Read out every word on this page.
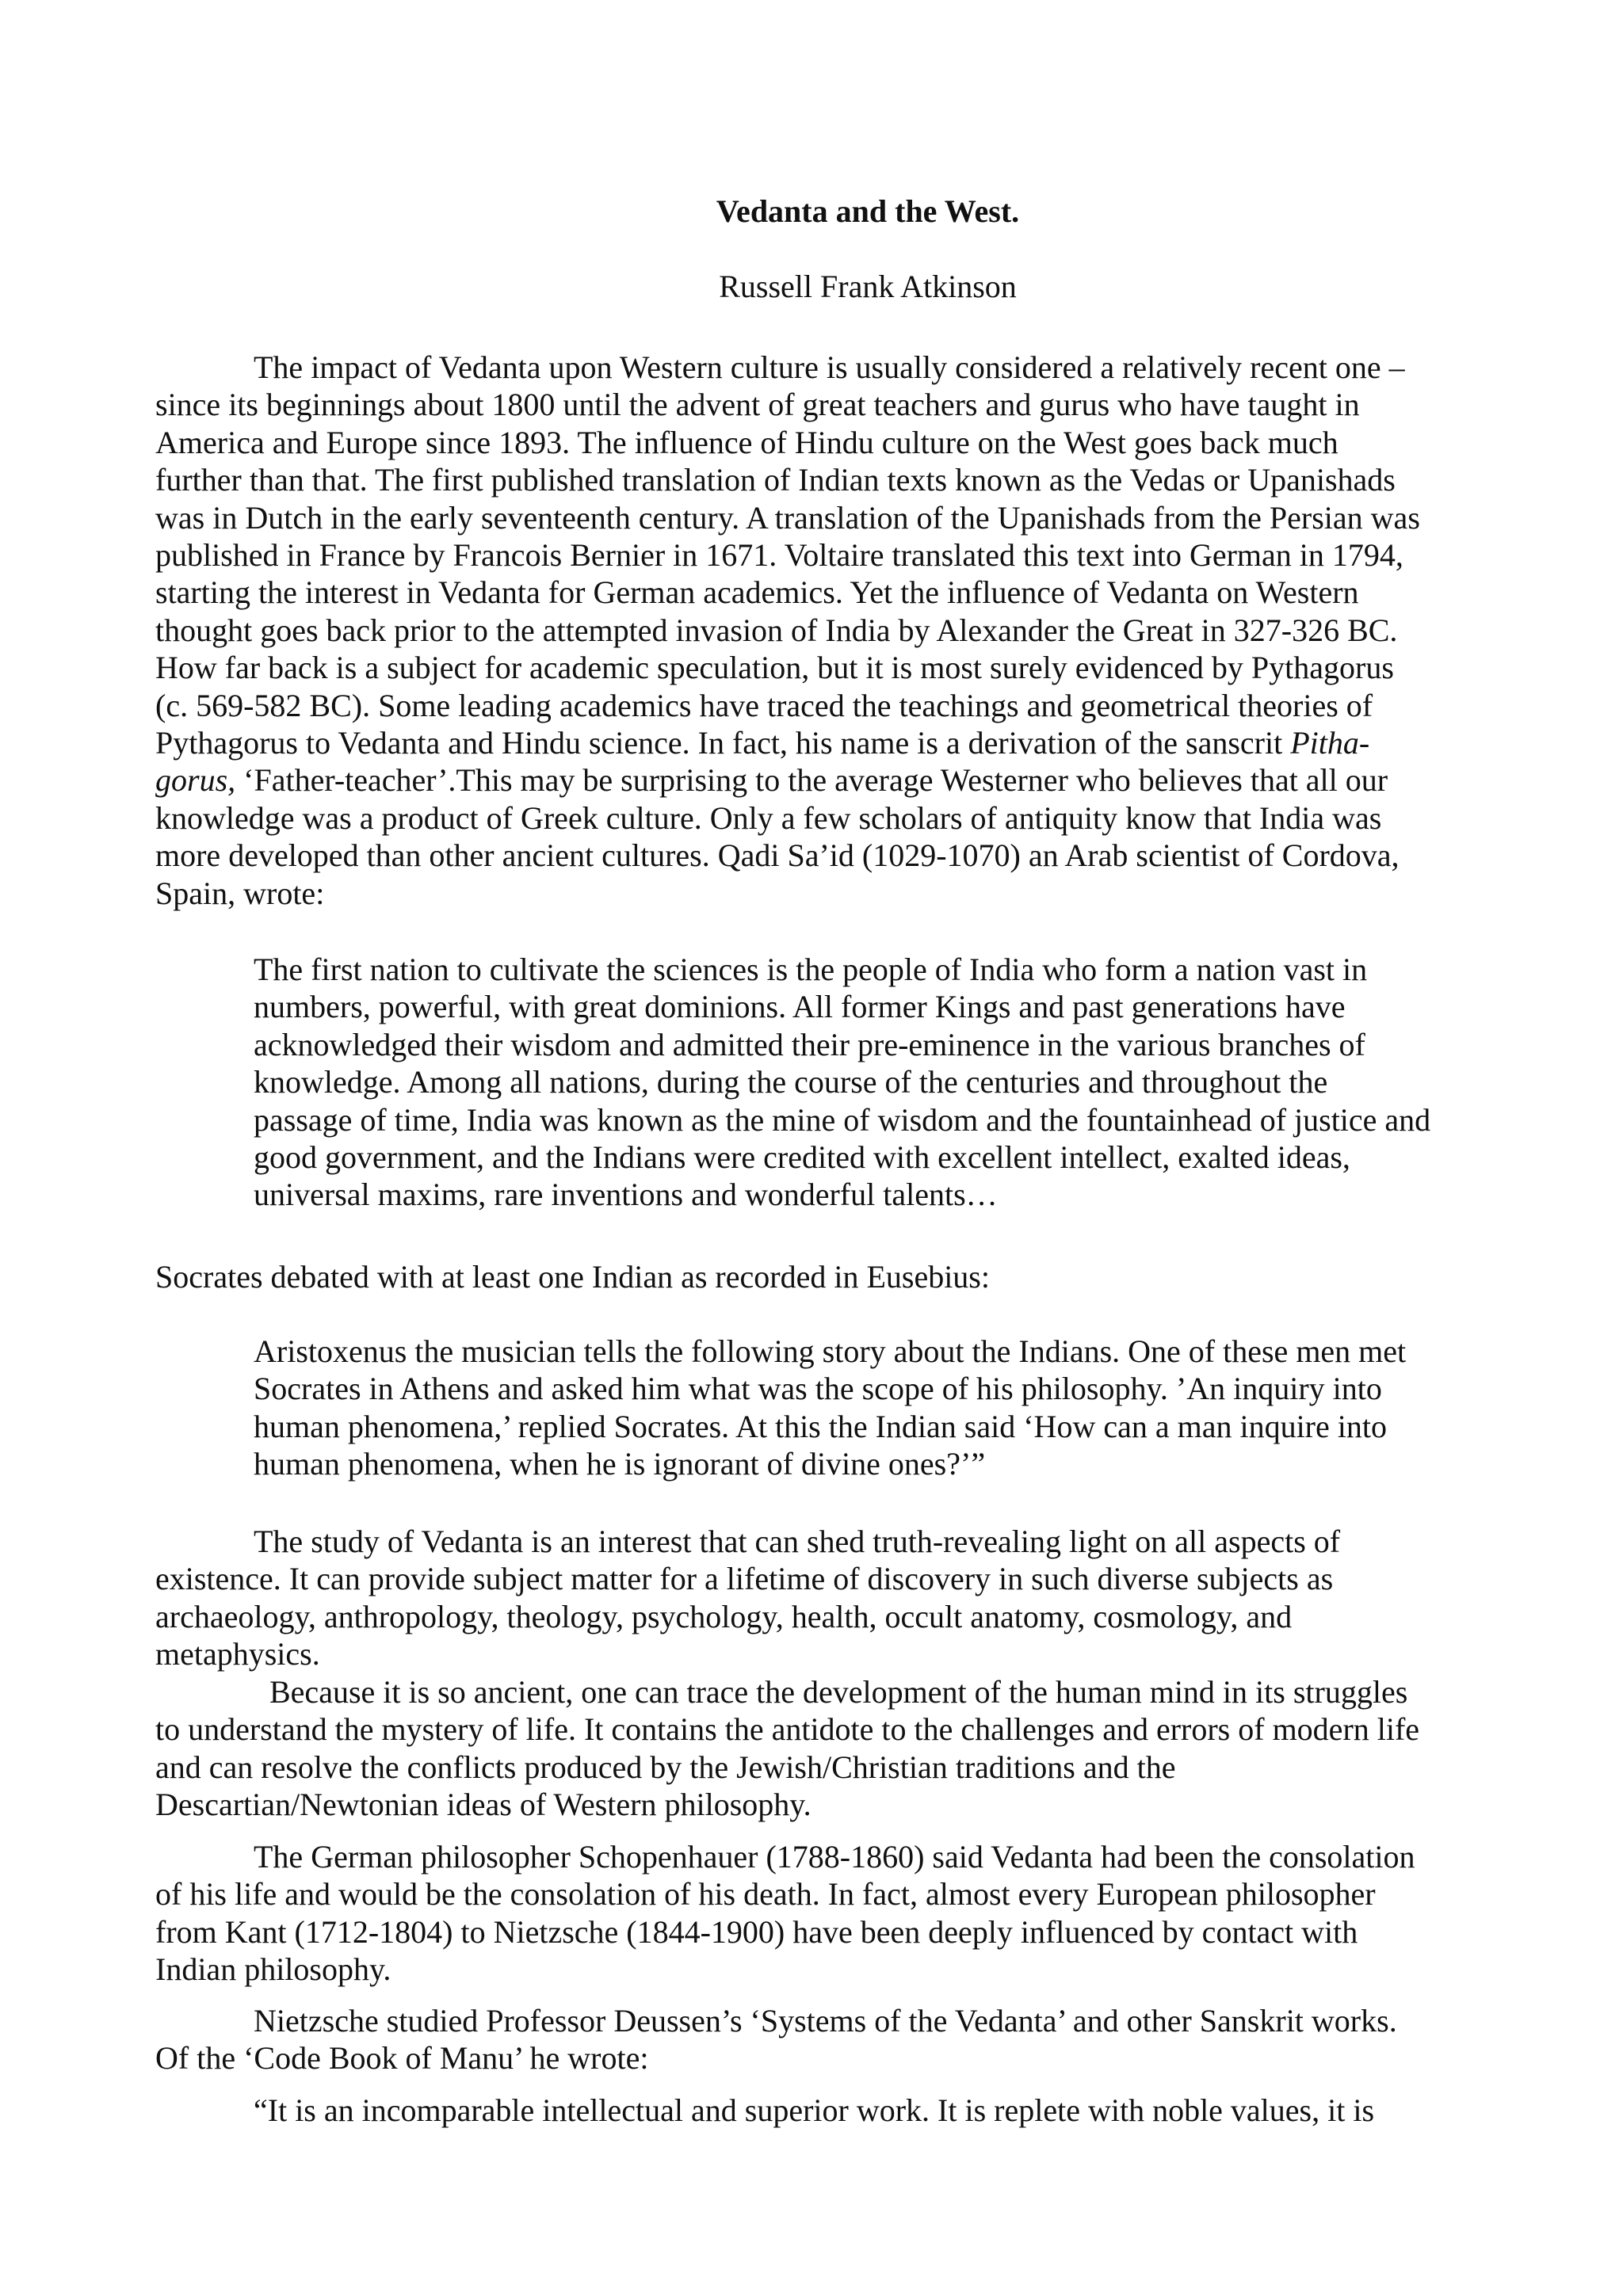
Vedanta and the West.

Russell Frank Atkinson

The impact of Vedanta upon Western culture is usually considered a relatively recent one –
since its beginnings about 1800 until the advent of great teachers and gurus who have taught in
America and Europe since 1893. The influence of Hindu culture on the West goes back much
further than that. The first published translation of Indian texts known as the Vedas or Upanishads
was in Dutch in the early seventeenth century. A translation of the Upanishads from the Persian was
published in France by Francois Bernier in 1671. Voltaire translated this text into German in 1794,
starting the interest in Vedanta for German academics. Yet the influence of Vedanta on Western
thought goes back prior to the attempted invasion of India by Alexander the Great in 327-326 BC.
How far back is a subject for academic speculation, but it is most surely evidenced by Pythagorus
(c. 569-582 BC). Some leading academics have traced the teachings and geometrical theories of
Pythagorus to Vedanta and Hindu science. In fact, his name is a derivation of the sanscrit Pitha-
gorus, ‘Father-teacher’.This may be surprising to the average Westerner who believes that all our
knowledge was a product of Greek culture. Only a few scholars of antiquity know that India was
more developed than other ancient cultures. Qadi Sa’id (1029-1070) an Arab scientist of Cordova,
Spain, wrote:

The first nation to cultivate the sciences is the people of India who form a nation vast in
numbers, powerful, with great dominions. All former Kings and past generations have
acknowledged their wisdom and admitted their pre-eminence in the various branches of
knowledge. Among all nations, during the course of the centuries and throughout the
passage of time, India was known as the mine of wisdom and the fountainhead of justice and
good government, and the Indians were credited with excellent intellect, exalted ideas,
universal maxims, rare inventions and wonderful talents…

Socrates debated with at least one Indian as recorded in Eusebius:

Aristoxenus the musician tells the following story about the Indians. One of these men met
Socrates in Athens and asked him what was the scope of his philosophy. ’An inquiry into
human phenomena,’ replied Socrates. At this the Indian said ‘How can a man inquire into
human phenomena, when he is ignorant of divine ones?’”

The study of Vedanta is an interest that can shed truth-revealing light on all aspects of
existence. It can provide subject matter for a lifetime of discovery in such diverse subjects as
archaeology, anthropology, theology, psychology, health, occult anatomy, cosmology, and
metaphysics.

Because it is so ancient, one can trace the development of the human mind in its struggles
to understand the mystery of life. It contains the antidote to the challenges and errors of modern life
and can resolve the conflicts produced by the Jewish/Christian traditions and the
Descartian/Newtonian ideas of Western philosophy.

The German philosopher Schopenhauer (1788-1860) said Vedanta had been the consolation
of his life and would be the consolation of his death. In fact, almost every European philosopher
from Kant (1712-1804) to Nietzsche (1844-1900) have been deeply influenced by contact with
Indian philosophy.

Nietzsche studied Professor Deussen’s ‘Systems of the Vedanta’ and other Sanskrit works.
Of the ‘Code Book of Manu’ he wrote:

“It is an incomparable intellectual and superior work. It is replete with noble values, it is
